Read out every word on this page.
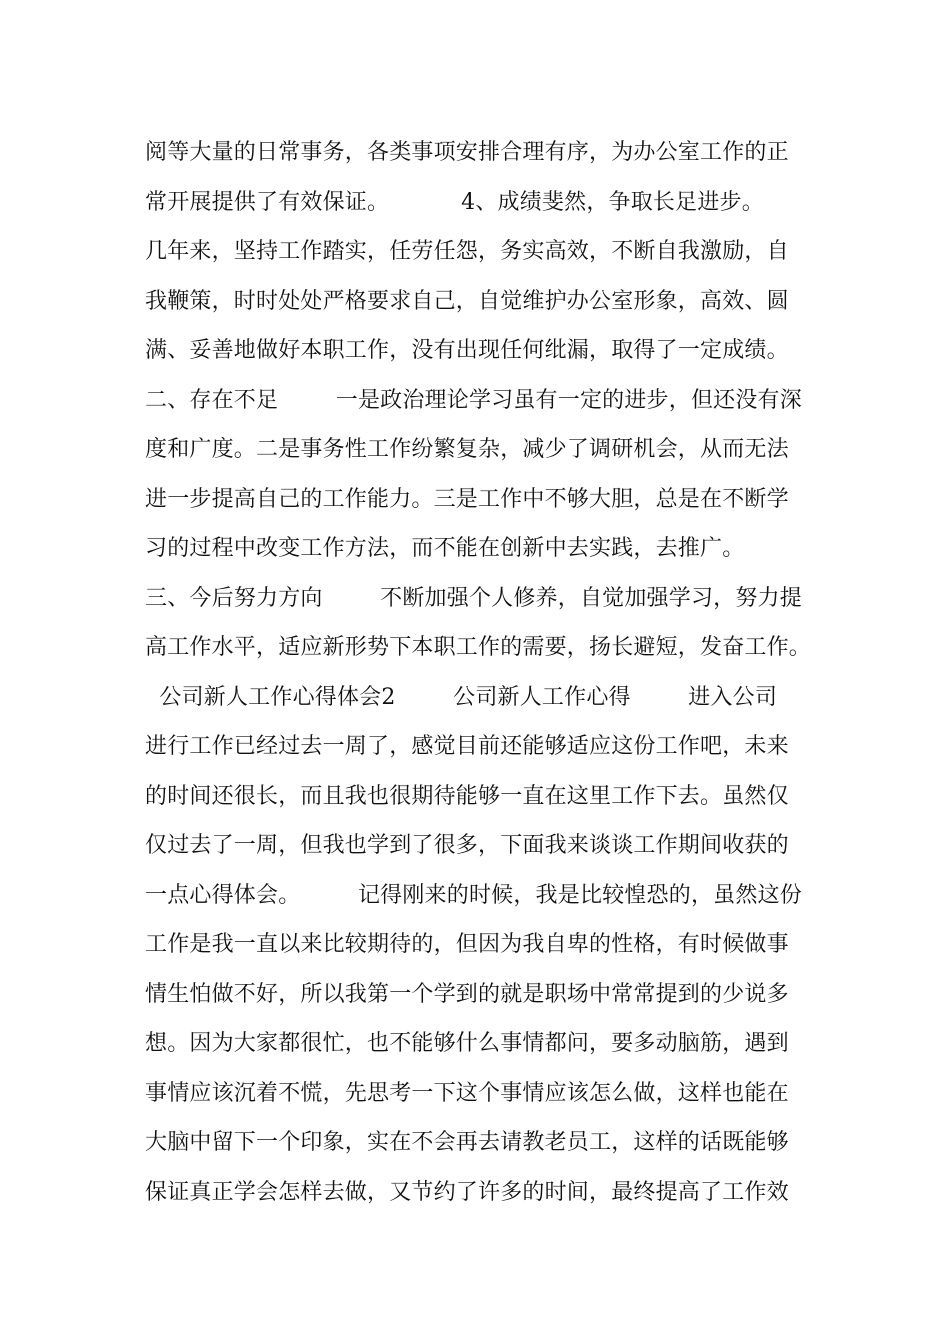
阅等大量的日常事务，各类事项安排合理有序，为办公室工作的正
常开展提供了有效保证。          4、成绩斐然，争取长足进步。
几年来，坚持工作踏实，任劳任怨，务实高效，不断自我激励，自
我鞭策，时时处处严格要求自己，自觉维护办公室形象，高效、圆
满、妥善地做好本职工作，没有出现任何纰漏，取得了一定成绩。
二、存在不足        一是政治理论学习虽有一定的进步，但还没有深
度和广度。二是事务性工作纷繁复杂，减少了调研机会，从而无法
进一步提高自己的工作能力。三是工作中不够大胆，总是在不断学
习的过程中改变工作方法，而不能在创新中去实践，去推广。
三、今后努力方向        不断加强个人修养，自觉加强学习，努力提
高工作水平，适应新形势下本职工作的需要，扬长避短，发奋工作。
公司新人工作心得体会2        公司新人工作心得        进入公司
进行工作已经过去一周了，感觉目前还能够适应这份工作吧，未来
的时间还很长，而且我也很期待能够一直在这里工作下去。虽然仅
仅过去了一周，但我也学到了很多，下面我来谈谈工作期间收获的
一点心得体会。        记得刚来的时候，我是比较惶恐的，虽然这份
工作是我一直以来比较期待的，但因为我自卑的性格，有时候做事
情生怕做不好，所以我第一个学到的就是职场中常常提到的少说多
想。因为大家都很忙，也不能够什么事情都问，要多动脑筋，遇到
事情应该沉着不慌，先思考一下这个事情应该怎么做，这样也能在
大脑中留下一个印象，实在不会再去请教老员工，这样的话既能够
保证真正学会怎样去做，又节约了许多的时间，最终提高了工作效
